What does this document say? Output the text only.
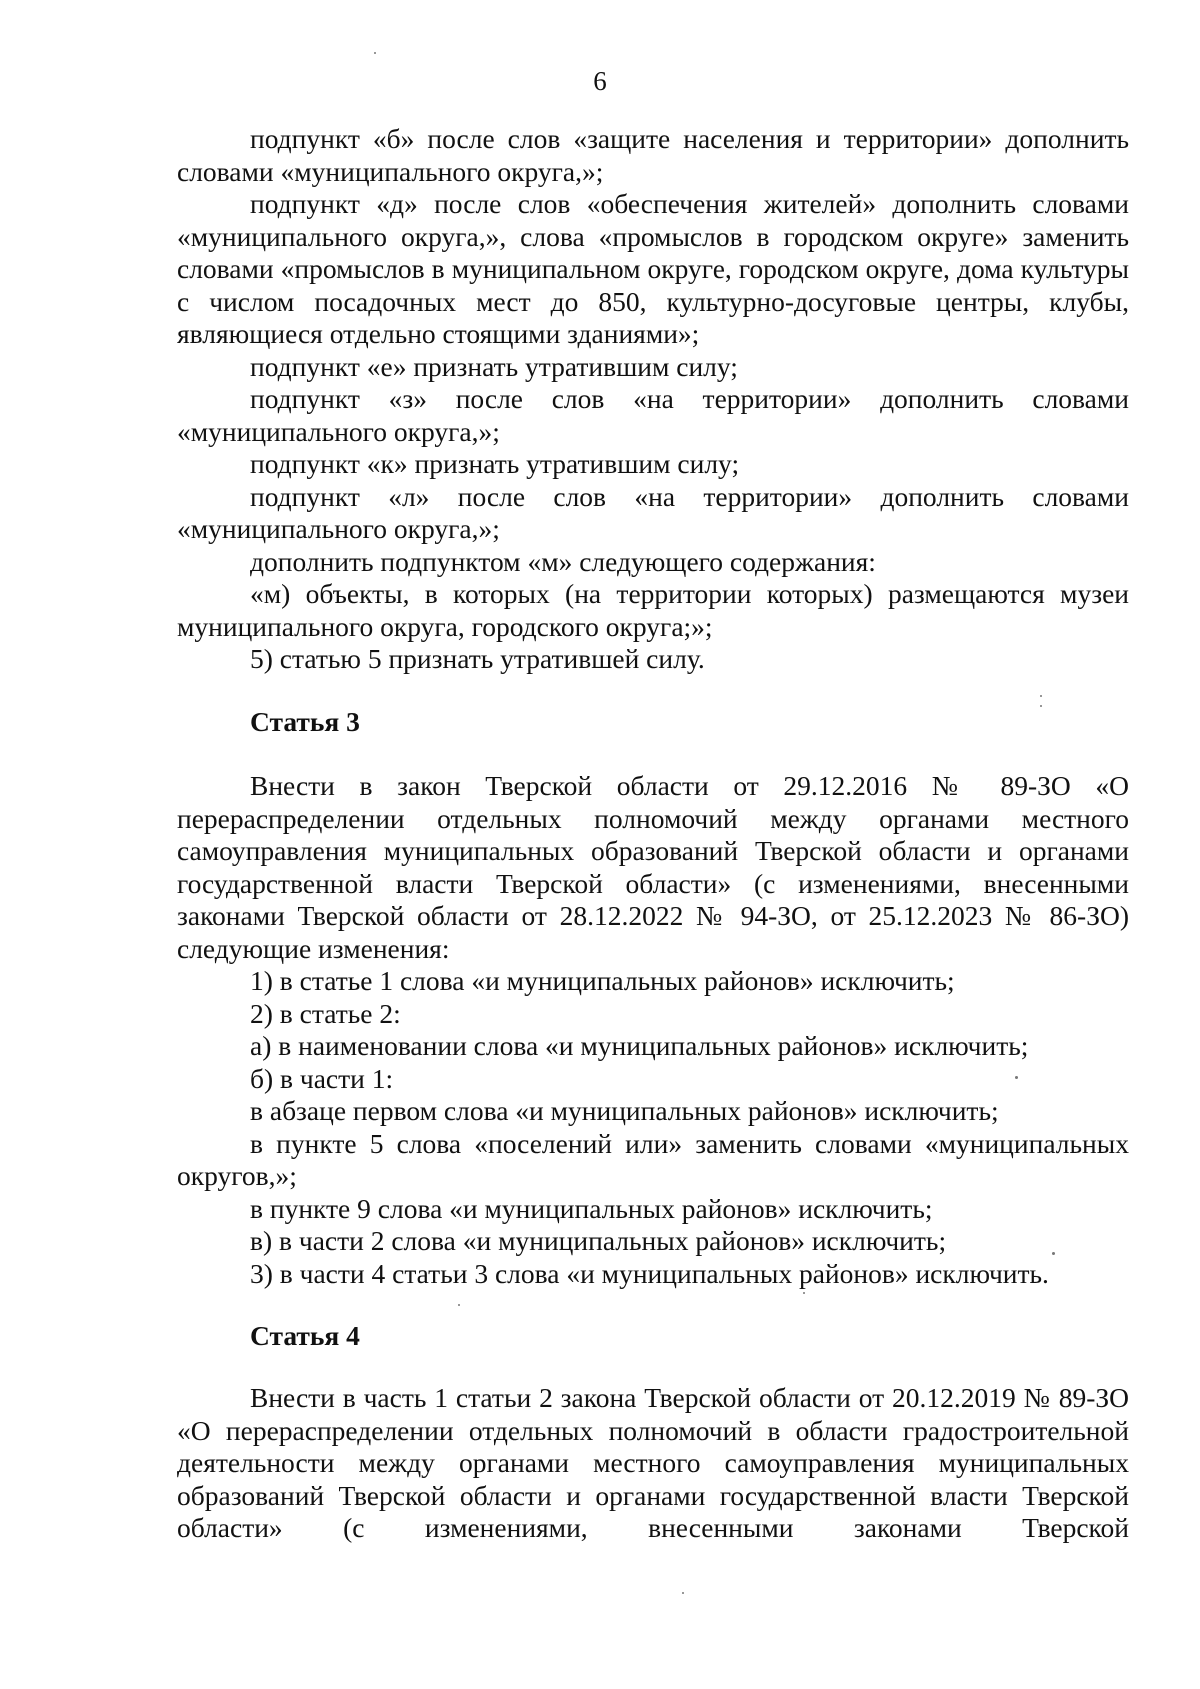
6

подпункт «б» после слов «защите населения и территории» дополнить словами «муниципального округа,»;

подпункт «д» после слов «обеспечения жителей» дополнить словами «муниципального округа,», слова «промыслов в городском округе» заменить словами «промыслов в муниципальном округе, городском округе, дома культуры с числом посадочных мест до 850, культурно-досуговые центры, клубы, являющиеся отдельно стоящими зданиями»;

подпункт «е» признать утратившим силу;

подпункт «з» после слов «на территории» дополнить словами «муниципального округа,»;

подпункт «к» признать утратившим силу;

подпункт «л» после слов «на территории» дополнить словами «муниципального округа,»;

дополнить подпунктом «м» следующего содержания:

«м) объекты, в которых (на территории которых) размещаются музеи муниципального округа, городского округа;»;

5) статью 5 признать утратившей силу.

Статья 3

Внести в закон Тверской области от 29.12.2016 № 89-ЗО «О перераспределении отдельных полномочий между органами местного самоуправления муниципальных образований Тверской области и органами государственной власти Тверской области» (с изменениями, внесенными законами Тверской области от 28.12.2022 № 94-ЗО, от 25.12.2023 № 86-ЗО) следующие изменения:

1) в статье 1 слова «и муниципальных районов» исключить;

2) в статье 2:

а) в наименовании слова «и муниципальных районов» исключить;

б) в части 1:

в абзаце первом слова «и муниципальных районов» исключить;

в пункте 5 слова «поселений или» заменить словами «муниципальных округов,»;

в пункте 9 слова «и муниципальных районов» исключить;

в) в части 2 слова «и муниципальных районов» исключить;

3) в части 4 статьи 3 слова «и муниципальных районов» исключить.

Статья 4

Внести в часть 1 статьи 2 закона Тверской области от 20.12.2019 № 89-ЗО «О перераспределении отдельных полномочий в области градостроительной деятельности между органами местного самоуправления муниципальных образований Тверской области и органами государственной власти Тверской области» (с изменениями, внесенными законами Тверской
